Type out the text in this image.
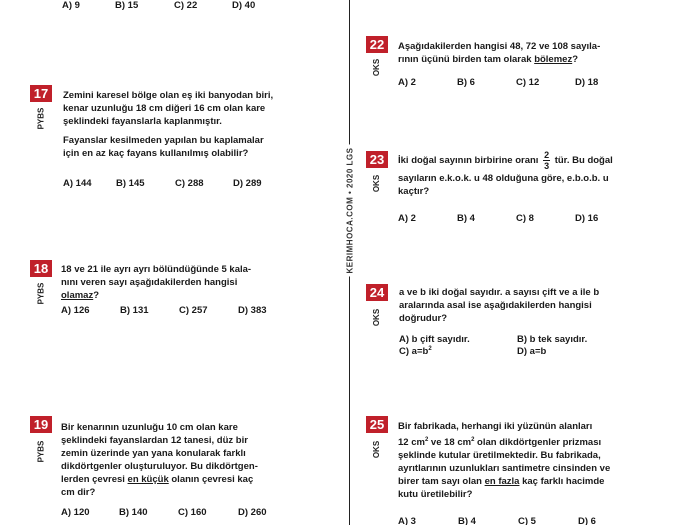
KERIMHOCA.COM • 2020 LGS
A) 9	B) 15	C) 22	D) 40
17
PYBS

Zemini karesel bölge olan eş iki banyodan biri,

kenar uzunluğu 18 cm diğeri 16 cm olan kare

şeklindeki fayanslarla kaplanmıştır.

Fayanslar kesilmeden yapılan bu kaplamalar

için en az kaç fayans kullanılmış olabilir?

A) 144	B) 145	C) 288	D) 289
18
PYBS

18 ve 21 ile ayrı ayrı bölündüğünde 5 kala-

nını veren sayı aşağıdakilerden hangisi

olamaz?

A) 126	B) 131	C) 257	D) 383
19
PYBS

Bir kenarının uzunluğu 10 cm olan kare

şeklindeki fayanslardan 12 tanesi, düz bir

zemin üzerinde yan yana konularak farklı

dikdörtgenler oluşturuluyor. Bu dikdörtgen-

lerden çevresi en küçük olanın çevresi kaç

cm dir?

A) 120	B) 140	C) 160	D) 260
22
OKS

Aşağıdakilerden hangisi 48, 72 ve 108 sayıla-

rının üçünü birden tam olarak bölemez?

A) 2	B) 6	C) 12	D) 18
23
OKS

İki doğal sayının birbirine oranı $\frac{2}{3}$ tür. Bu doğal

sayıların e.k.o.k. u 48 olduğuna göre, e.b.o.b. u

kaçtır?

A) 2	B) 4	C) 8	D) 16
24
OKS

a ve b iki doğal sayıdır. a sayısı çift ve a ile b

aralarında asal ise aşağıdakilerden hangisi

doğrudur?

A) b çift sayıdır.	B) b tek sayıdır.
C) $a=b^2$	D) a=b
25
OKS

Bir fabrikada, herhangi iki yüzünün alanları

12 $cm^2$ ve 18 $cm^2$ olan dikdörtgenler prizması

şeklinde kutular üretilmektedir. Bu fabrikada,

ayrıtlarının uzunlukları santimetre cinsinden ve

birer tam sayı olan en fazla kaç farklı hacimde

kutu üretilebilir?

A) 3	B) 4	C) 5	D) 6
